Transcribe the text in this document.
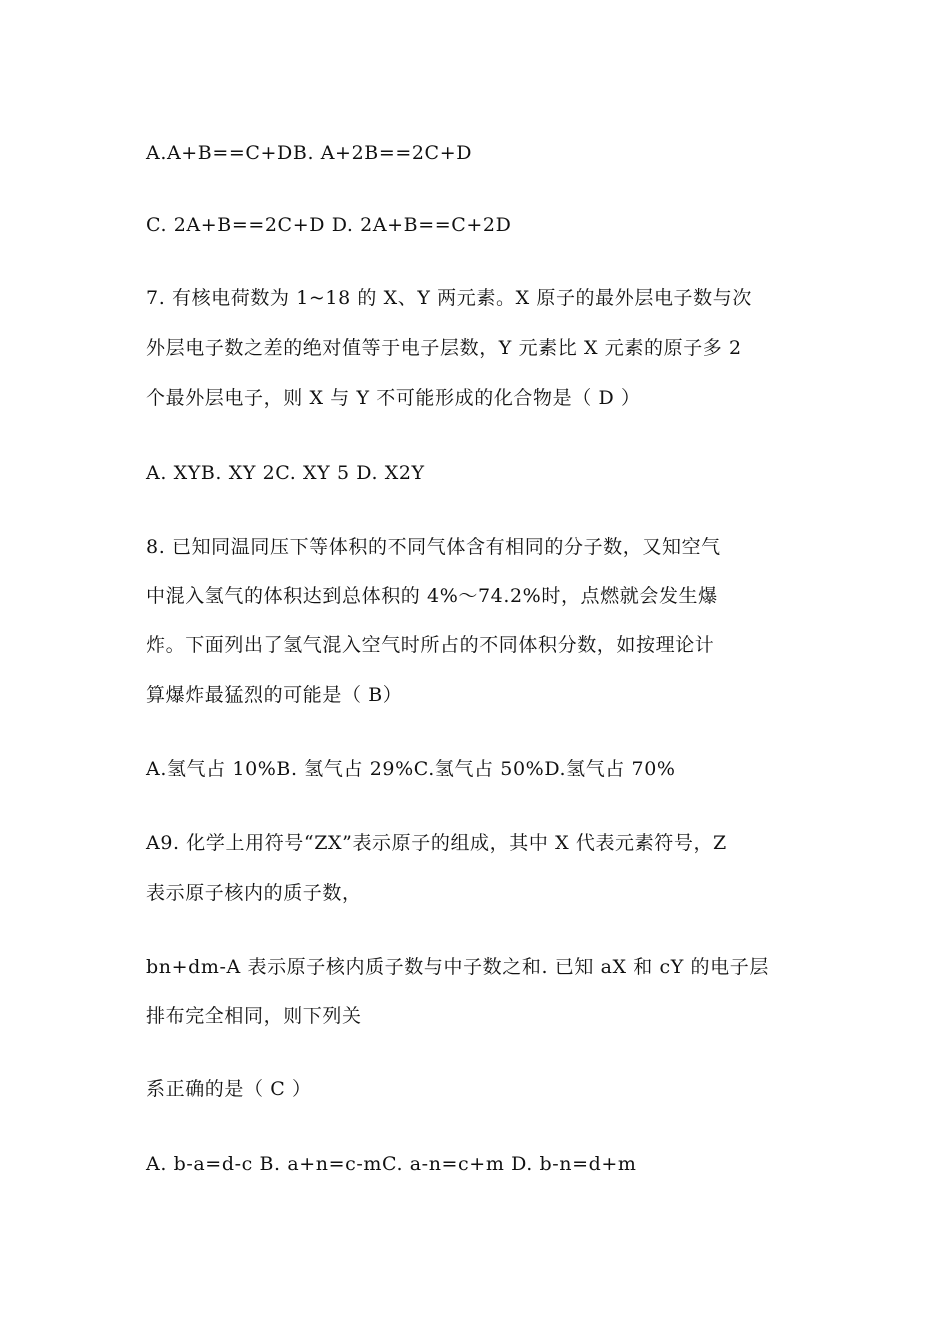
A.A+B==C+DB. A+2B==2C+D
C. 2A+B==2C+D D. 2A+B==C+2D
7. 有核电荷数为 1~18 的 X、Y 两元素。X 原子的最外层电子数与次
外层电子数之差的绝对值等于电子层数，Y 元素比 X 元素的原子多 2
个最外层电子，则 X 与 Y 不可能形成的化合物是（ D ）
A. XYB. XY 2C. XY 5 D. X2Y
8. 已知同温同压下等体积的不同气体含有相同的分子数，又知空气
中混入氢气的体积达到总体积的 4%～74.2%时，点燃就会发生爆
炸。下面列出了氢气混入空气时所占的不同体积分数，如按理论计
算爆炸最猛烈的可能是（ B）
A.氢气占 10%B. 氢气占 29%C.氢气占 50%D.氢气占 70%
A9. 化学上用符号“ZX”表示原子的组成，其中 X 代表元素符号，Z
表示原子核内的质子数，
bn+dm-A 表示原子核内质子数与中子数之和. 已知 aX 和 cY 的电子层
排布完全相同，则下列关
系正确的是（ C ）
A. b-a=d-c B. a+n=c-mC. a-n=c+m D. b-n=d+m
